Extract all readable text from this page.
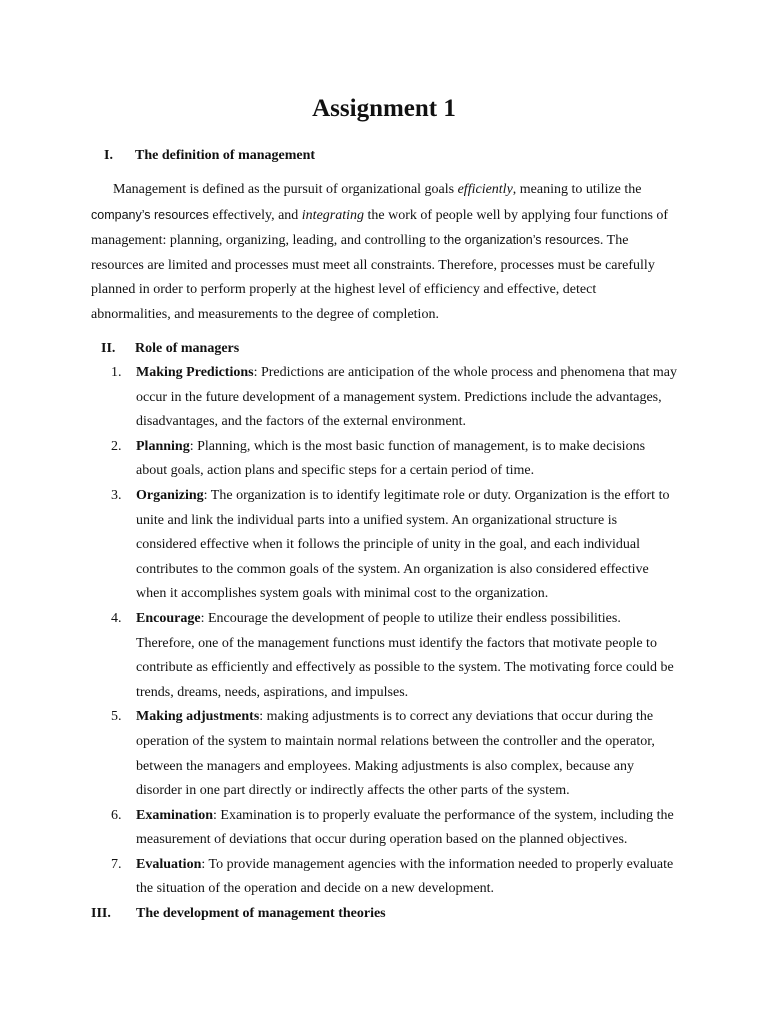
Assignment 1
I. The definition of management
Management is defined as the pursuit of organizational goals efficiently, meaning to utilize the company’s resources effectively, and integrating the work of people well by applying four functions of management: planning, organizing, leading, and controlling to the organization’s resources. The resources are limited and processes must meet all constraints. Therefore, processes must be carefully planned in order to perform properly at the highest level of efficiency and effective, detect abnormalities, and measurements to the degree of completion.
II. Role of managers
1. Making Predictions: Predictions are anticipation of the whole process and phenomena that may occur in the future development of a management system. Predictions include the advantages, disadvantages, and the factors of the external environment.
2. Planning: Planning, which is the most basic function of management, is to make decisions about goals, action plans and specific steps for a certain period of time.
3. Organizing: The organization is to identify legitimate role or duty. Organization is the effort to unite and link the individual parts into a unified system. An organizational structure is considered effective when it follows the principle of unity in the goal, and each individual contributes to the common goals of the system. An organization is also considered effective when it accomplishes system goals with minimal cost to the organization.
4. Encourage: Encourage the development of people to utilize their endless possibilities. Therefore, one of the management functions must identify the factors that motivate people to contribute as efficiently and effectively as possible to the system. The motivating force could be trends, dreams, needs, aspirations, and impulses.
5. Making adjustments: making adjustments is to correct any deviations that occur during the operation of the system to maintain normal relations between the controller and the operator, between the managers and employees. Making adjustments is also complex, because any disorder in one part directly or indirectly affects the other parts of the system.
6. Examination: Examination is to properly evaluate the performance of the system, including the measurement of deviations that occur during operation based on the planned objectives.
7. Evaluation: To provide management agencies with the information needed to properly evaluate the situation of the operation and decide on a new development.
III. The development of management theories
